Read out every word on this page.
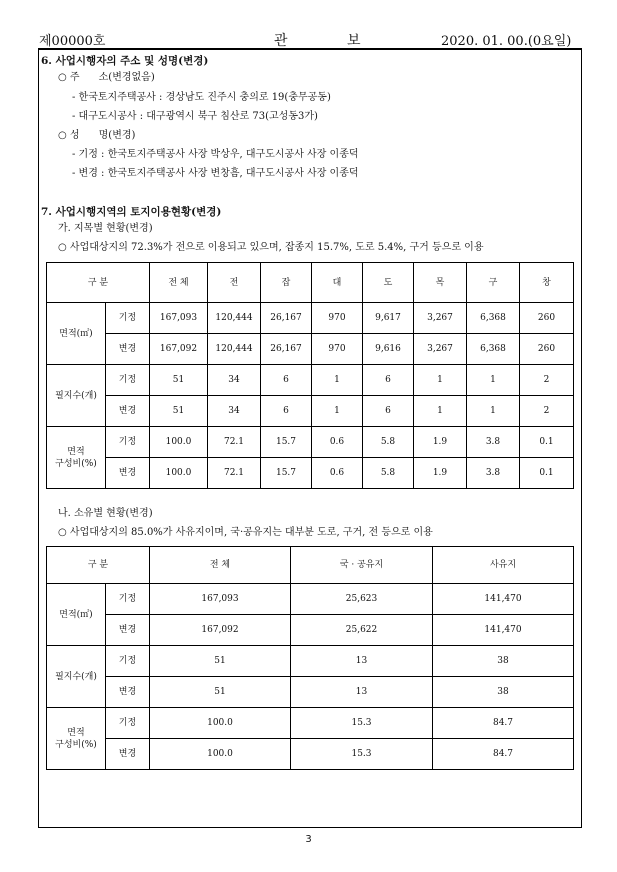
제00000호	관	보	2020. 01. 00.(0요일)
6. 사업시행자의 주소 및 성명(변경)
○ 주      소(변경없음)
- 한국토지주택공사 : 경상남도 진주시 충의로 19(충무공동)
- 대구도시공사 : 대구광역시 북구 침산로 73(고성동3가)
○ 성      명(변경)
- 기정 : 한국토지주택공사 사장 박상우, 대구도시공사 사장 이종덕
- 변경 : 한국토지주택공사 사장 변창흠, 대구도시공사 사장 이종덕
7. 사업시행지역의 토지이용현황(변경)
가. 지목별 현황(변경)
○ 사업대상지의 72.3%가 전으로 이용되고 있으며, 잡종지 15.7%, 도로 5.4%, 구거 등으로 이용
구 분		전 체	전	잡	대	도	목	구	창

면적(㎡)	기정	167,093	120,444	26,167	970	9,617	3,267	6,368	260
	변경	167,092	120,444	26,167	970	9,616	3,267	6,368	260

필지수(개)	기정	51	34	6	1	6	1	1	2
	변경	51	34	6	1	6	1	1	2

면적
구성비(%)	기정	100.0	72.1	15.7	0.6	5.8	1.9	3.8	0.1
	변경	100.0	72.1	15.7	0.6	5.8	1.9	3.8	0.1
나. 소유별 현황(변경)
○ 사업대상지의 85.0%가 사유지이며, 국·공유지는 대부분 도로, 구거, 전 등으로 이용
구 분		전 체	국 · 공유지	사유지

면적(㎡)	기정	167,093	25,623	141,470
	변경	167,092	25,622	141,470

필지수(개)	기정	51	13	38
	변경	51	13	38

면적
구성비(%)	기정	100.0	15.3	84.7
	변경	100.0	15.3	84.7
3
